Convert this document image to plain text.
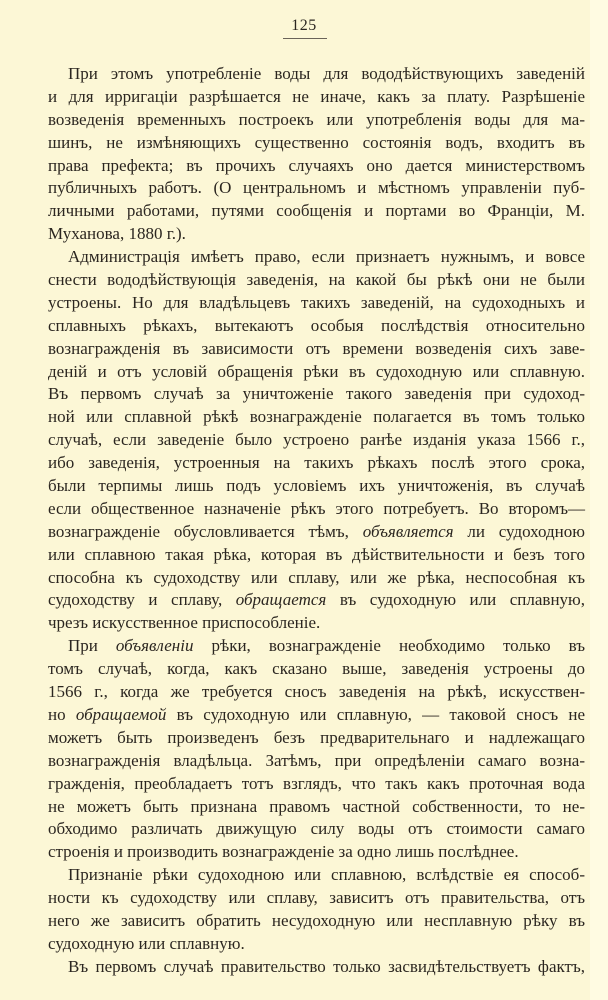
125
При этомъ употребленіе воды для вододѣйствующихъ заведеній
и для ирригаціи разрѣшается не иначе, какъ за плату. Разрѣшеніе
возведенія временныхъ построекъ или употребленія воды для ма-
шинъ, не измѣняющихъ существенно состоянія водъ, входитъ въ
права префекта; въ прочихъ случаяхъ оно дается министерствомъ
публичныхъ работъ. (О центральномъ и мѣстномъ управленіи пуб-
личными работами, путями сообщенія и портами во Франціи, М.
Муханова, 1880 г.).
Администрація имѣетъ право, если признаетъ нужнымъ, и вовсе
снести вододѣйствующія заведенія, на какой бы рѣкѣ они не были
устроены. Но для владѣльцевъ такихъ заведеній, на судоходныхъ и
сплавныхъ рѣкахъ, вытекаютъ особыя послѣдствія относительно
вознагражденія въ зависимости отъ времени возведенія сихъ заве-
деній и отъ условій обращенія рѣки въ судоходную или сплавную.
Въ первомъ случаѣ за уничтоженіе такого заведенія при судоход-
ной или сплавной рѣкѣ вознагражденіе полагается въ томъ только
случаѣ, если заведеніе было устроено ранѣе изданія указа 1566 г.,
ибо заведенія, устроенныя на такихъ рѣкахъ послѣ этого срока,
были терпимы лишь подъ условіемъ ихъ уничтоженія, въ случаѣ
если общественное назначеніе рѣкъ этого потребуетъ. Во второмъ—
вознагражденіе обусловливается тѣмъ, объявляется ли судоходною
или сплавною такая рѣка, которая въ дѣйствительности и безъ того
способна къ судоходству или сплаву, или же рѣка, неспособная къ
судоходству и сплаву, обращается въ судоходную или сплавную,
чрезъ искусственное приспособленіе.
При объявленіи рѣки, вознагражденіе необходимо только въ
томъ случаѣ, когда, какъ сказано выше, заведенія устроены до
1566 г., когда же требуется сносъ заведенія на рѣкѣ, искусствен-
но обращаемой въ судоходную или сплавную, — таковой сносъ не
можетъ быть произведенъ безъ предварительнаго и надлежащаго
вознагражденія владѣльца. Затѣмъ, при опредѣленіи самаго возна-
гражденія, преобладаетъ тотъ взглядъ, что такъ какъ проточная вода
не можетъ быть признана правомъ частной собственности, то не-
обходимо различать движущую силу воды отъ стоимости самаго
строенія и производить вознагражденіе за одно лишь послѣднее.
Признаніе рѣки судоходною или сплавною, вслѣдствіе ея способ-
ности къ судоходству или сплаву, зависитъ отъ правительства, отъ
него же зависитъ обратить несудоходную или несплавную рѣку въ
судоходную или сплавную.
Въ первомъ случаѣ правительство только засвидѣтельствуетъ фактъ,
